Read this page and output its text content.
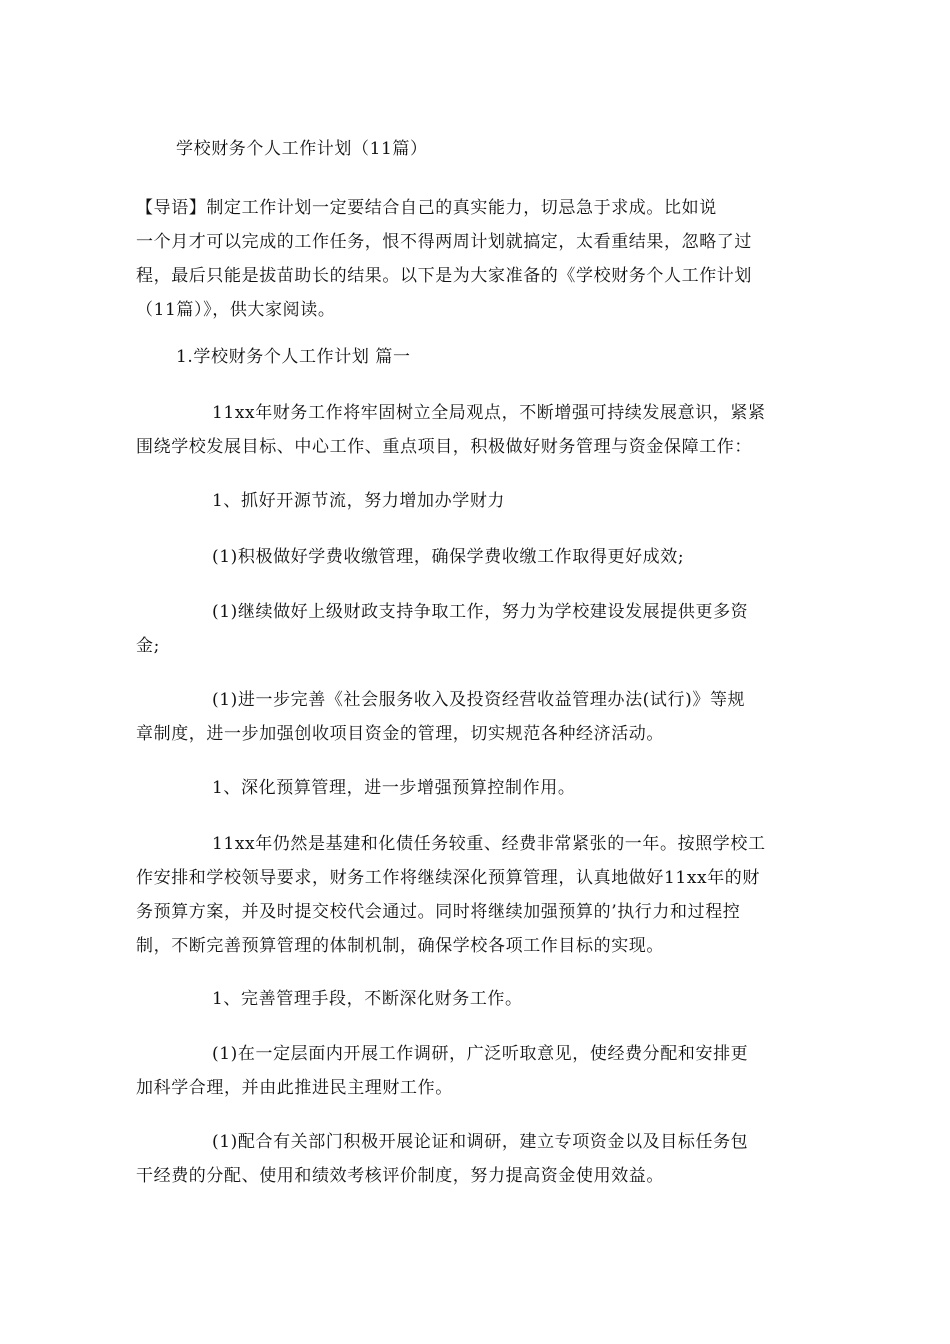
学校财务个人工作计划（11篇）

【导语】制定工作计划一定要结合自己的真实能力，切忌急于求成。比如说
一个月才可以完成的工作任务，恨不得两周计划就搞定，太看重结果，忽略了过
程，最后只能是拔苗助长的结果。以下是为大家准备的《学校财务个人工作计划
（11篇）》，供大家阅读。

1.学校财务个人工作计划 篇一

11xx年财务工作将牢固树立全局观点，不断增强可持续发展意识，紧紧
围绕学校发展目标、中心工作、重点项目，积极做好财务管理与资金保障工作：

1、抓好开源节流，努力增加办学财力

(1)积极做好学费收缴管理，确保学费收缴工作取得更好成效;

(1)继续做好上级财政支持争取工作，努力为学校建设发展提供更多资
金;

(1)进一步完善《社会服务收入及投资经营收益管理办法(试行)》等规
章制度，进一步加强创收项目资金的管理，切实规范各种经济活动。

1、深化预算管理，进一步增强预算控制作用。

11xx年仍然是基建和化债任务较重、经费非常紧张的一年。按照学校工
作安排和学校领导要求，财务工作将继续深化预算管理，认真地做好11xx年的财
务预算方案，并及时提交校代会通过。同时将继续加强预算的’执行力和过程控
制，不断完善预算管理的体制机制，确保学校各项工作目标的实现。

1、完善管理手段，不断深化财务工作。

(1)在一定层面内开展工作调研，广泛听取意见，使经费分配和安排更
加科学合理，并由此推进民主理财工作。

(1)配合有关部门积极开展论证和调研，建立专项资金以及目标任务包
干经费的分配、使用和绩效考核评价制度，努力提高资金使用效益。
